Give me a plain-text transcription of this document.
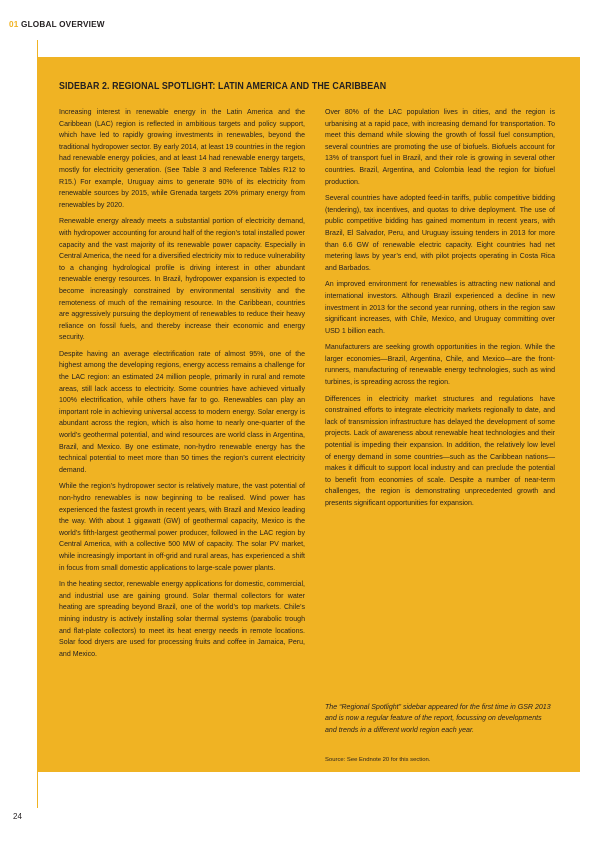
01 GLOBAL OVERVIEW
SIDEBAR 2. REGIONAL SPOTLIGHT: LATIN AMERICA AND THE CARIBBEAN

Increasing interest in renewable energy in the Latin America and the Caribbean (LAC) region is reflected in ambitious targets and policy support, which have led to rapidly growing investments in renewables, beyond the traditional hydropower sector. By early 2014, at least 19 countries in the region had renewable energy policies, and at least 14 had renewable energy targets, mostly for electricity generation. (See Table 3 and Reference Tables R12 to R15.) For example, Uruguay aims to generate 90% of its electricity from renewable sources by 2015, while Grenada targets 20% primary energy from renewables by 2020.

Renewable energy already meets a substantial portion of electricity demand, with hydropower accounting for around half of the region’s total installed power capacity and the vast majority of its renewable power capacity. Especially in Central America, the need for a diversified electricity mix to reduce vulnerability to a changing hydrological profile is driving interest in other abundant renewable energy resources. In Brazil, hydropower expansion is expected to become increasingly constrained by environmental sensitivity and the remoteness of much of the remaining resource. In the Caribbean, countries are aggressively pursuing the deployment of renewables to reduce their heavy reliance on fossil fuels, and thereby increase their economic and energy security.

Despite having an average electrification rate of almost 95%, one of the highest among the developing regions, energy access remains a challenge for the LAC region: an estimated 24 million people, primarily in rural and remote areas, still lack access to electricity. Some countries have achieved virtually 100% electrification, while others have far to go. Renewables can play an important role in achieving universal access to modern energy. Solar energy is abundant across the region, which is also home to nearly one-quarter of the world’s geothermal potential, and wind resources are world class in Argentina, Brazil, and Mexico. By one estimate, non-hydro renewable energy has the technical potential to meet more than 50 times the region’s current electricity demand.

While the region’s hydropower sector is relatively mature, the vast potential of non-hydro renewables is now beginning to be realised. Wind power has experienced the fastest growth in recent years, with Brazil and Mexico leading the way. With about 1 gigawatt (GW) of geothermal capacity, Mexico is the world’s fifth-largest geothermal power producer, followed in the LAC region by Central America, with a collective 500 MW of capacity. The solar PV market, while increasingly important in off-grid and rural areas, has experienced a shift in focus from small domestic applications to large-scale power plants.

In the heating sector, renewable energy applications for domestic, commercial, and industrial use are gaining ground. Solar thermal collectors for water heating are spreading beyond Brazil, one of the world’s top markets. Chile’s mining industry is actively installing solar thermal systems (parabolic trough and flat-plate collectors) to meet its heat energy needs in remote locations. Solar food dryers are used for processing fruits and coffee in Jamaica, Peru, and Mexico.

Over 80% of the LAC population lives in cities, and the region is urbanising at a rapid pace, with increasing demand for transportation. To meet this demand while slowing the growth of fossil fuel consumption, several countries are promoting the use of biofuels. Biofuels account for 13% of transport fuel in Brazil, and their role is growing in several other countries. Brazil, Argentina, and Colombia lead the region for biofuel production.

Several countries have adopted feed-in tariffs, public competitive bidding (tendering), tax incentives, and quotas to drive deployment. The use of public competitive bidding has gained momentum in recent years, with Brazil, El Salvador, Peru, and Uruguay issuing tenders in 2013 for more than 6.6 GW of renewable electric capacity. Eight countries had net metering laws by year’s end, with pilot projects operating in Costa Rica and Barbados.

An improved environment for renewables is attracting new national and international investors. Although Brazil experienced a decline in new investment in 2013 for the second year running, others in the region saw significant increases, with Chile, Mexico, and Uruguay committing over USD 1 billion each.

Manufacturers are seeking growth opportunities in the region. While the larger economies—Brazil, Argentina, Chile, and Mexico—are the front-runners, manufacturing of renewable energy technologies, such as wind turbines, is spreading across the region.

Differences in electricity market structures and regulations have constrained efforts to integrate electricity markets regionally to date, and lack of transmission infrastructure has delayed the development of some projects. Lack of awareness about renewable heat technologies and their potential is impeding their expansion. In addition, the relatively low level of energy demand in some countries—such as the Caribbean nations—makes it difficult to support local industry and can preclude the potential to benefit from economies of scale. Despite a number of near-term challenges, the region is demonstrating unprecedented growth and presents significant opportunities for expansion.

The “Regional Spotlight” sidebar appeared for the first time in GSR 2013 and is now a regular feature of the report, focussing on developments and trends in a different world region each year.
Source: See Endnote 20 for this section.
24
